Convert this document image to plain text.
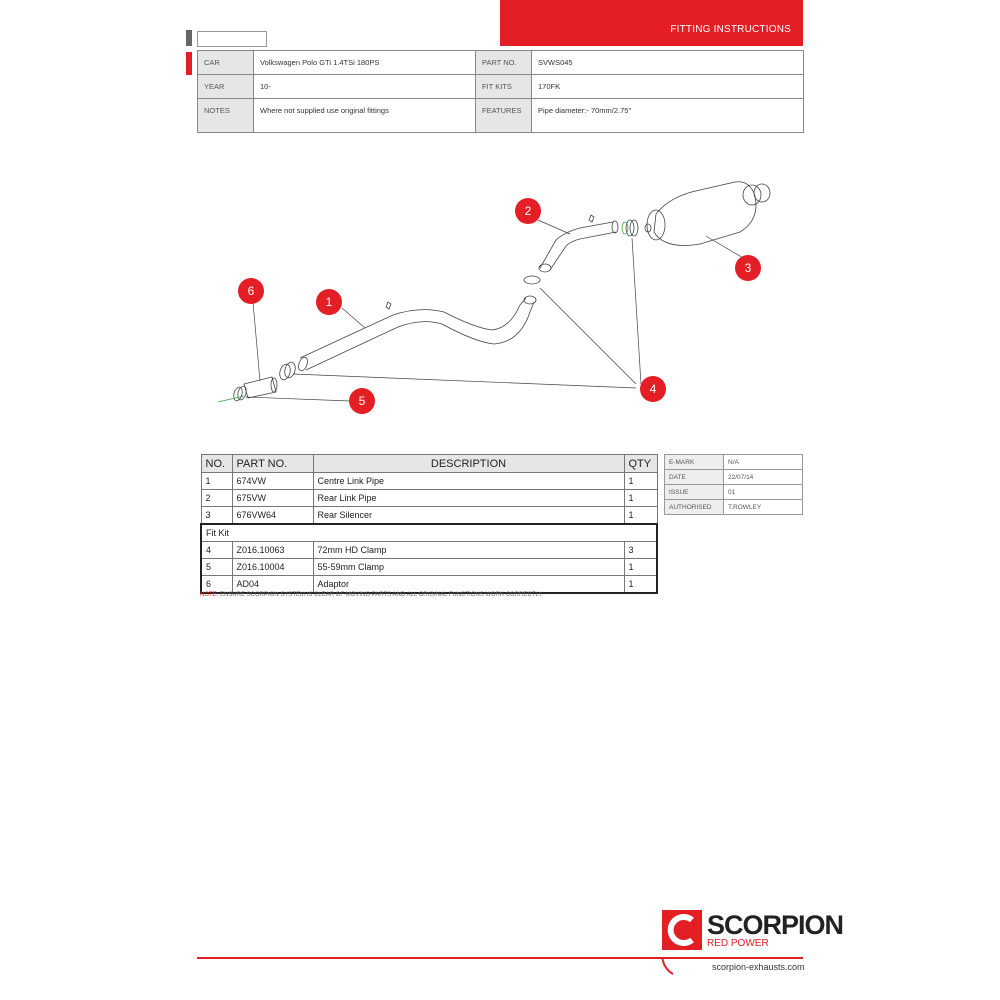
FITTING INSTRUCTIONS
CAR	Volkswagen Polo GTi 1.4TSi 180PS	PART NO.	SVWS045
YEAR	10-	FIT KITS	170FK
NOTES	Where not supplied use original fittings	FEATURES	Pipe diameter:- 70mm/2.75"
1
2
3
4
5
6
NO.	PART NO.	DESCRIPTION	QTY
1	674VW	Centre Link Pipe	1
2	675VW	Rear Link Pipe	1
3	676VW64	Rear Silencer	1
Fit Kit			
4	Z016.10063	72mm HD Clamp	3
5	Z016.10004	55-59mm Clamp	1
6	AD04	Adaptor	1
E-MARK	N/A
DATE	22/07/14
ISSUE	01
AUTHORISED	T.ROWLEY
NOTE: ENSURE SCORPION SYSTEM IS CLEAR OF MOVING PARTS AND ALL ORIGINAL FUNCTIONS WORK CORRECTLY.
SCORPION
RED POWER
scorpion-exhausts.com
